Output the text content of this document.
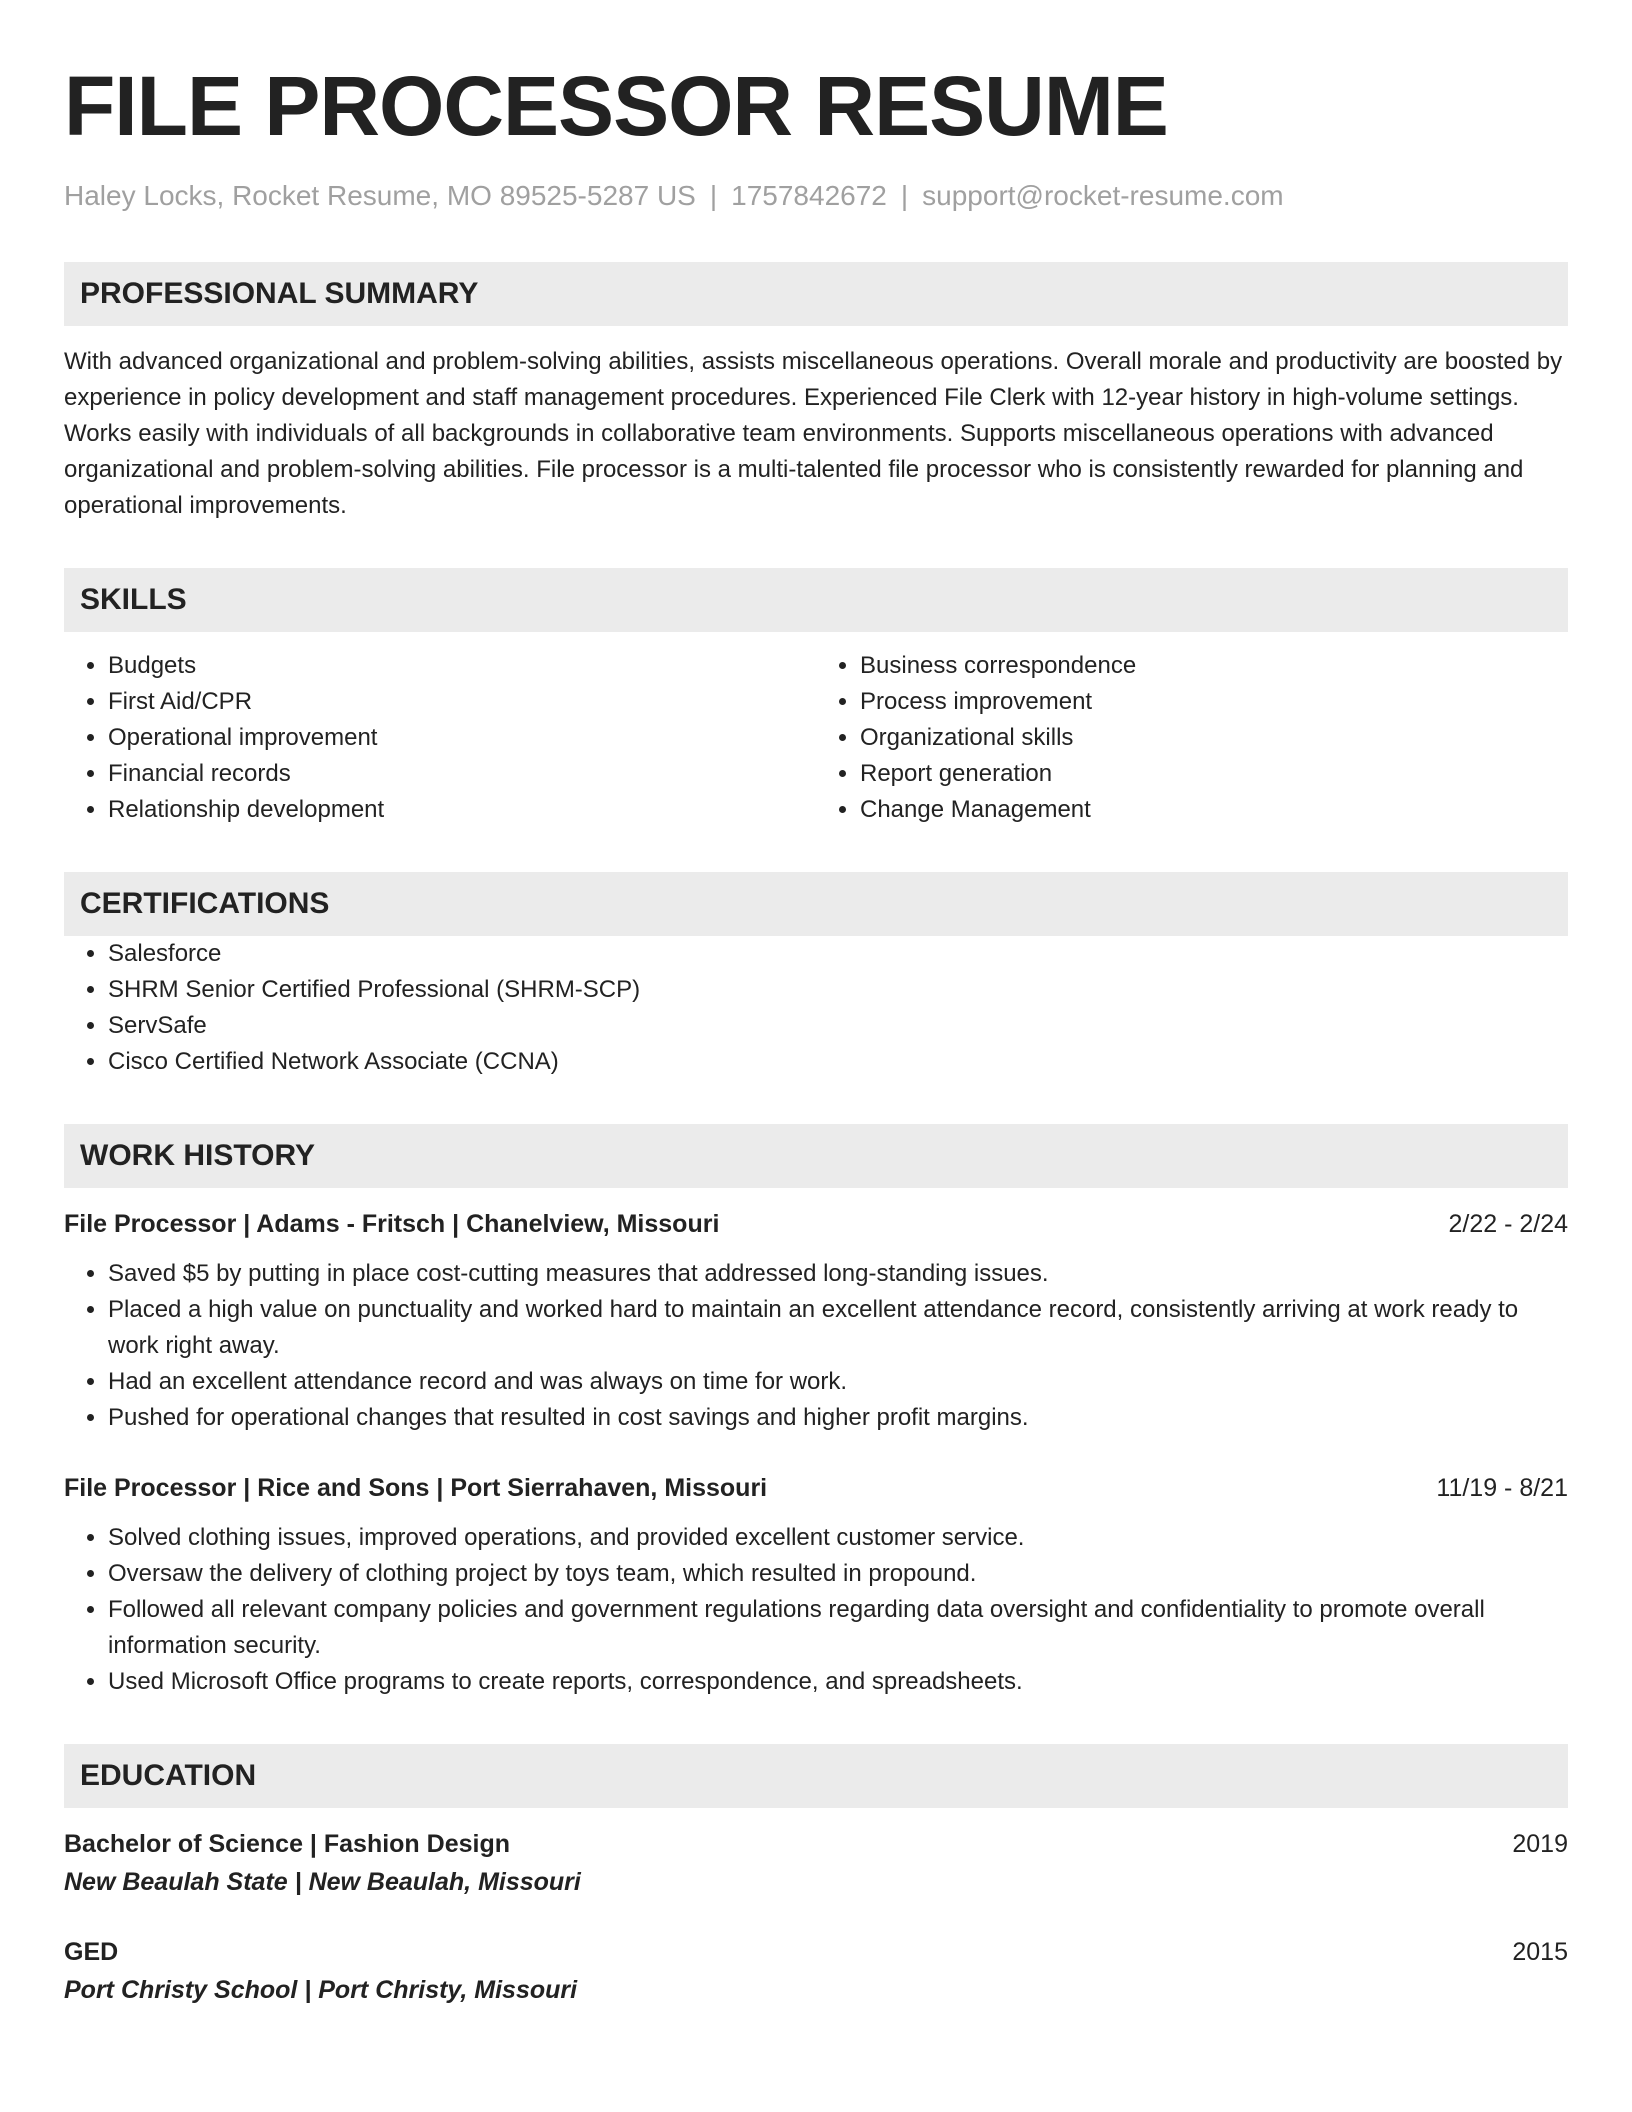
FILE PROCESSOR RESUME
Haley Locks, Rocket Resume, MO 89525-5287 US | 1757842672 | support@rocket-resume.com
PROFESSIONAL SUMMARY

With advanced organizational and problem-solving abilities, assists miscellaneous operations. Overall morale and productivity are boosted by experience in policy development and staff management procedures. Experienced File Clerk with 12-year history in high-volume settings. Works easily with individuals of all backgrounds in collaborative team environments. Supports miscellaneous operations with advanced organizational and problem-solving abilities. File processor is a multi-talented file processor who is consistently rewarded for planning and operational improvements.

SKILLS
• Budgets
• First Aid/CPR
• Operational improvement
• Financial records
• Relationship development
• Business correspondence
• Process improvement
• Organizational skills
• Report generation
• Change Management
CERTIFICATIONS
• Salesforce
• SHRM Senior Certified Professional (SHRM-SCP)
• ServSafe
• Cisco Certified Network Associate (CCNA)
WORK HISTORY
File Processor | Adams - Fritsch | Chanelview, Missouri	2/22 - 2/24
• Saved $5 by putting in place cost-cutting measures that addressed long-standing issues.
• Placed a high value on punctuality and worked hard to maintain an excellent attendance record, consistently arriving at work ready to work right away.
• Had an excellent attendance record and was always on time for work.
• Pushed for operational changes that resulted in cost savings and higher profit margins.
File Processor | Rice and Sons | Port Sierrahaven, Missouri	11/19 - 8/21
• Solved clothing issues, improved operations, and provided excellent customer service.
• Oversaw the delivery of clothing project by toys team, which resulted in propound.
• Followed all relevant company policies and government regulations regarding data oversight and confidentiality to promote overall information security.
• Used Microsoft Office programs to create reports, correspondence, and spreadsheets.
EDUCATION
Bachelor of Science | Fashion Design	2019
New Beaulah State | New Beaulah, Missouri
GED	2015
Port Christy School | Port Christy, Missouri
